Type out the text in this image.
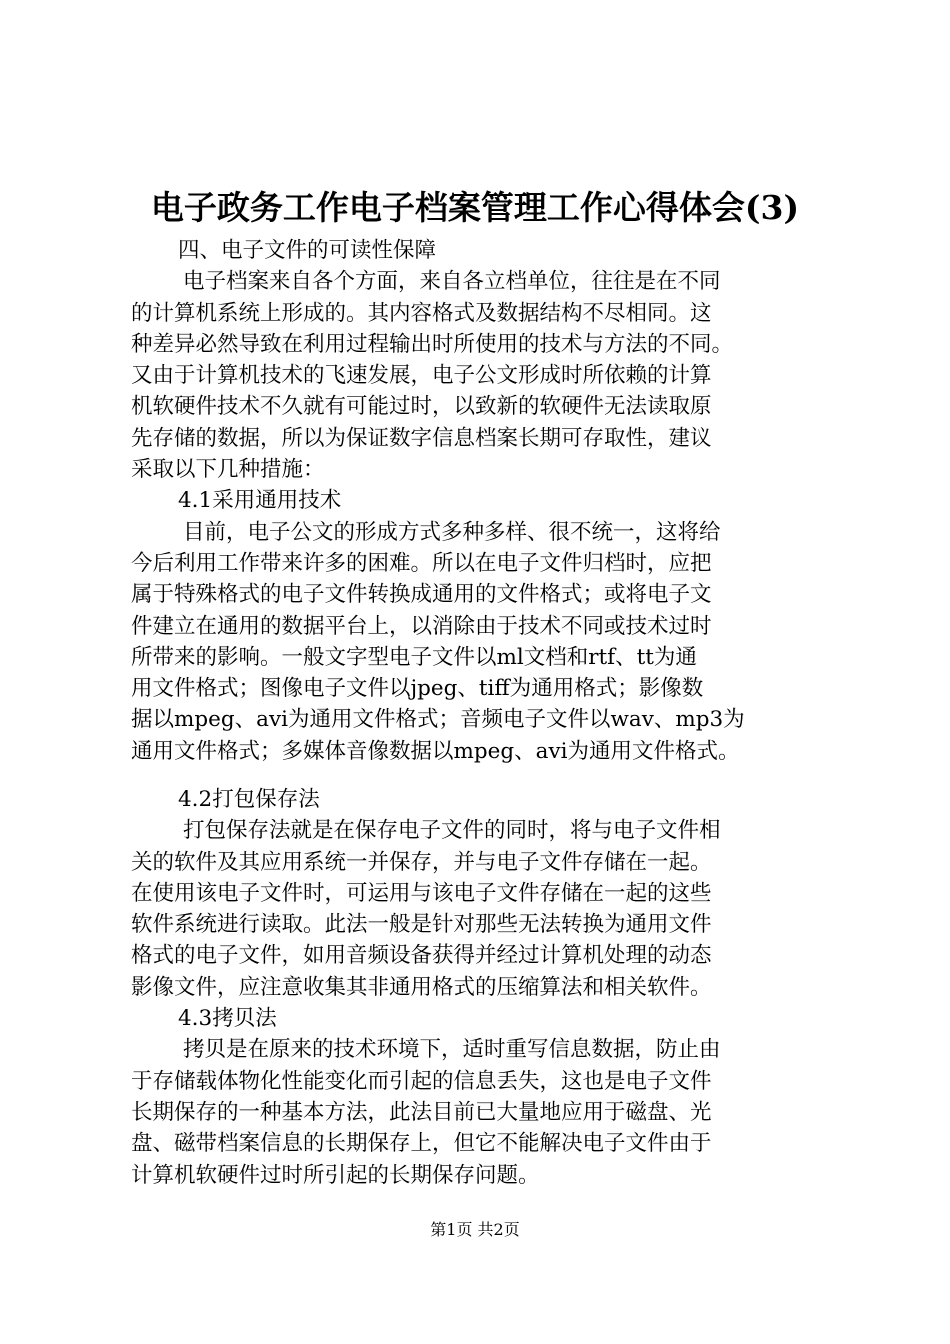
电子政务工作电子档案管理工作心得体会(3)
四、电子文件的可读性保障
电子档案来自各个方面，来自各立档单位，往往是在不同
的计算机系统上形成的。其内容格式及数据结构不尽相同。这
种差异必然导致在利用过程输出时所使用的技术与方法的不同。
又由于计算机技术的飞速发展，电子公文形成时所依赖的计算
机软硬件技术不久就有可能过时，以致新的软硬件无法读取原
先存储的数据，所以为保证数字信息档案长期可存取性，建议
采取以下几种措施：
4.1采用通用技术
目前，电子公文的形成方式多种多样、很不统一，这将给
今后利用工作带来许多的困难。所以在电子文件归档时，应把
属于特殊格式的电子文件转换成通用的文件格式；或将电子文
件建立在通用的数据平台上，以消除由于技术不同或技术过时
所带来的影响。一般文字型电子文件以ml文档和rtf、tt为通
用文件格式；图像电子文件以jpeg、tiff为通用格式；影像数
据以mpeg、avi为通用文件格式；音频电子文件以wav、mp3为
通用文件格式；多媒体音像数据以mpeg、avi为通用文件格式。
4.2打包保存法
打包保存法就是在保存电子文件的同时，将与电子文件相
关的软件及其应用系统一并保存，并与电子文件存储在一起。
在使用该电子文件时，可运用与该电子文件存储在一起的这些
软件系统进行读取。此法一般是针对那些无法转换为通用文件
格式的电子文件，如用音频设备获得并经过计算机处理的动态
影像文件，应注意收集其非通用格式的压缩算法和相关软件。
4.3拷贝法
拷贝是在原来的技术环境下，适时重写信息数据，防止由
于存储载体物化性能变化而引起的信息丢失，这也是电子文件
长期保存的一种基本方法，此法目前已大量地应用于磁盘、光
盘、磁带档案信息的长期保存上，但它不能解决电子文件由于
计算机软硬件过时所引起的长期保存问题。
第1页 共2页
